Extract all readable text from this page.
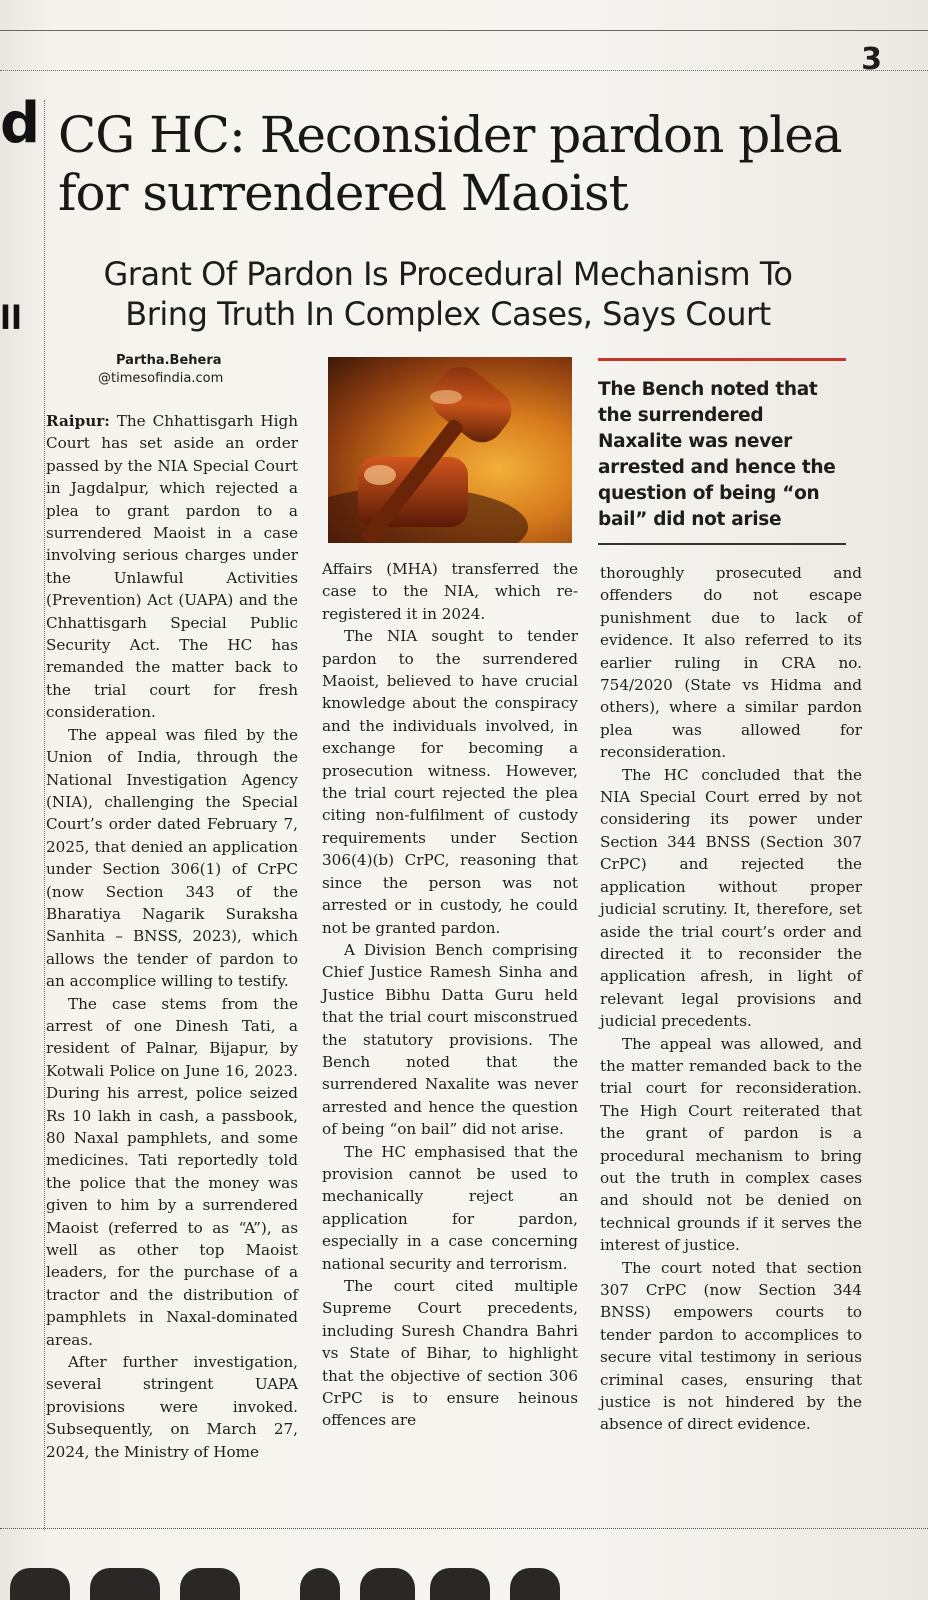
3
d
ll
CG HC: Reconsider pardon plea for surrendered Maoist
Grant Of Pardon Is Procedural Mechanism To Bring Truth In Complex Cases, Says Court
Partha.Behera
@timesofindia.com

Raipur: The Chhattisgarh High Court has set aside an order passed by the NIA Special Court in Jagdalpur, which rejected a plea to grant pardon to a surrendered Maoist in a case involving serious charges under the Unlawful Activities (Prevention) Act (UAPA) and the Chhattisgarh Special Public Security Act. The HC has remanded the matter back to the trial court for fresh consideration.

The appeal was filed by the Union of India, through the National Investigation Agency (NIA), challenging the Special Court’s order dated February 7, 2025, that denied an application under Section 306(1) of CrPC (now Section 343 of the Bharatiya Nagarik Suraksha Sanhita – BNSS, 2023), which allows the tender of pardon to an accomplice willing to testify.

The case stems from the arrest of one Dinesh Tati, a resident of Palnar, Bijapur, by Kotwali Police on June 16, 2023. During his arrest, police seized Rs 10 lakh in cash, a passbook, 80 Naxal pamphlets, and some medicines. Tati reportedly told the police that the money was given to him by a surrendered Maoist (referred to as “A”), as well as other top Maoist leaders, for the purchase of a tractor and the distribution of pamphlets in Naxal-dominated areas.

After further investigation, several stringent UAPA provisions were invoked. Subsequently, on March 27, 2024, the Ministry of Home

The Bench noted that the surrendered Naxalite was never arrested and hence the question of being “on bail” did not arise

Affairs (MHA) transferred the case to the NIA, which re-registered it in 2024.

The NIA sought to tender pardon to the surrendered Maoist, believed to have crucial knowledge about the conspiracy and the individuals involved, in exchange for becoming a prosecution witness. However, the trial court rejected the plea citing non-fulfilment of custody requirements under Section 306(4)(b) CrPC, reasoning that since the person was not arrested or in custody, he could not be granted pardon.

A Division Bench comprising Chief Justice Ramesh Sinha and Justice Bibhu Datta Guru held that the trial court misconstrued the statutory provisions. The Bench noted that the surrendered Naxalite was never arrested and hence the question of being “on bail” did not arise.

The HC emphasised that the provision cannot be used to mechanically reject an application for pardon, especially in a case concerning national security and terrorism.

The court cited multiple Supreme Court precedents, including Suresh Chandra Bahri vs State of Bihar, to highlight that the objective of section 306 CrPC is to ensure heinous offences are

thoroughly prosecuted and offenders do not escape punishment due to lack of evidence. It also referred to its earlier ruling in CRA no. 754/2020 (State vs Hidma and others), where a similar pardon plea was allowed for reconsideration.

The HC concluded that the NIA Special Court erred by not considering its power under Section 344 BNSS (Section 307 CrPC) and rejected the application without proper judicial scrutiny. It, therefore, set aside the trial court’s order and directed it to reconsider the application afresh, in light of relevant legal provisions and judicial precedents.

The appeal was allowed, and the matter remanded back to the trial court for reconsideration. The High Court reiterated that the grant of pardon is a procedural mechanism to bring out the truth in complex cases and should not be denied on technical grounds if it serves the interest of justice.

The court noted that section 307 CrPC (now Section 344 BNSS) empowers courts to tender pardon to accomplices to secure vital testimony in serious criminal cases, ensuring that justice is not hindered by the absence of direct evidence.
